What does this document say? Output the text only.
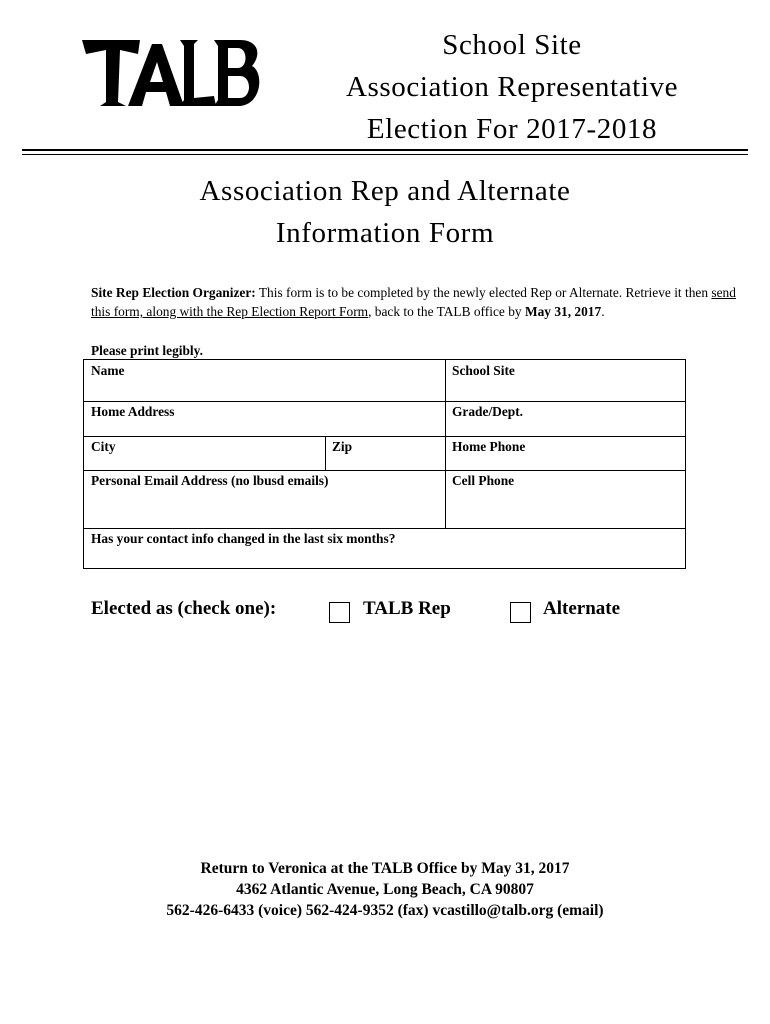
School Site
Association Representative
Election For 2017-2018
Association Rep and Alternate
Information Form
Site Rep Election Organizer: This form is to be completed by the newly elected Rep or Alternate. Retrieve it then send this form, along with the Rep Election Report Form, back to the TALB office by May 31, 2017.
Please print legibly.
Name	School Site
Home Address	Grade/Dept.
City	Zip	Home Phone
Personal Email Address (no lbusd emails)	Cell Phone
Has your contact info changed in the last six months?
Elected as (check one):	TALB Rep	Alternate
Return to Veronica at the TALB Office by May 31, 2017
4362 Atlantic Avenue, Long Beach, CA 90807
562-426-6433 (voice) 562-424-9352 (fax) vcastillo@talb.org (email)
